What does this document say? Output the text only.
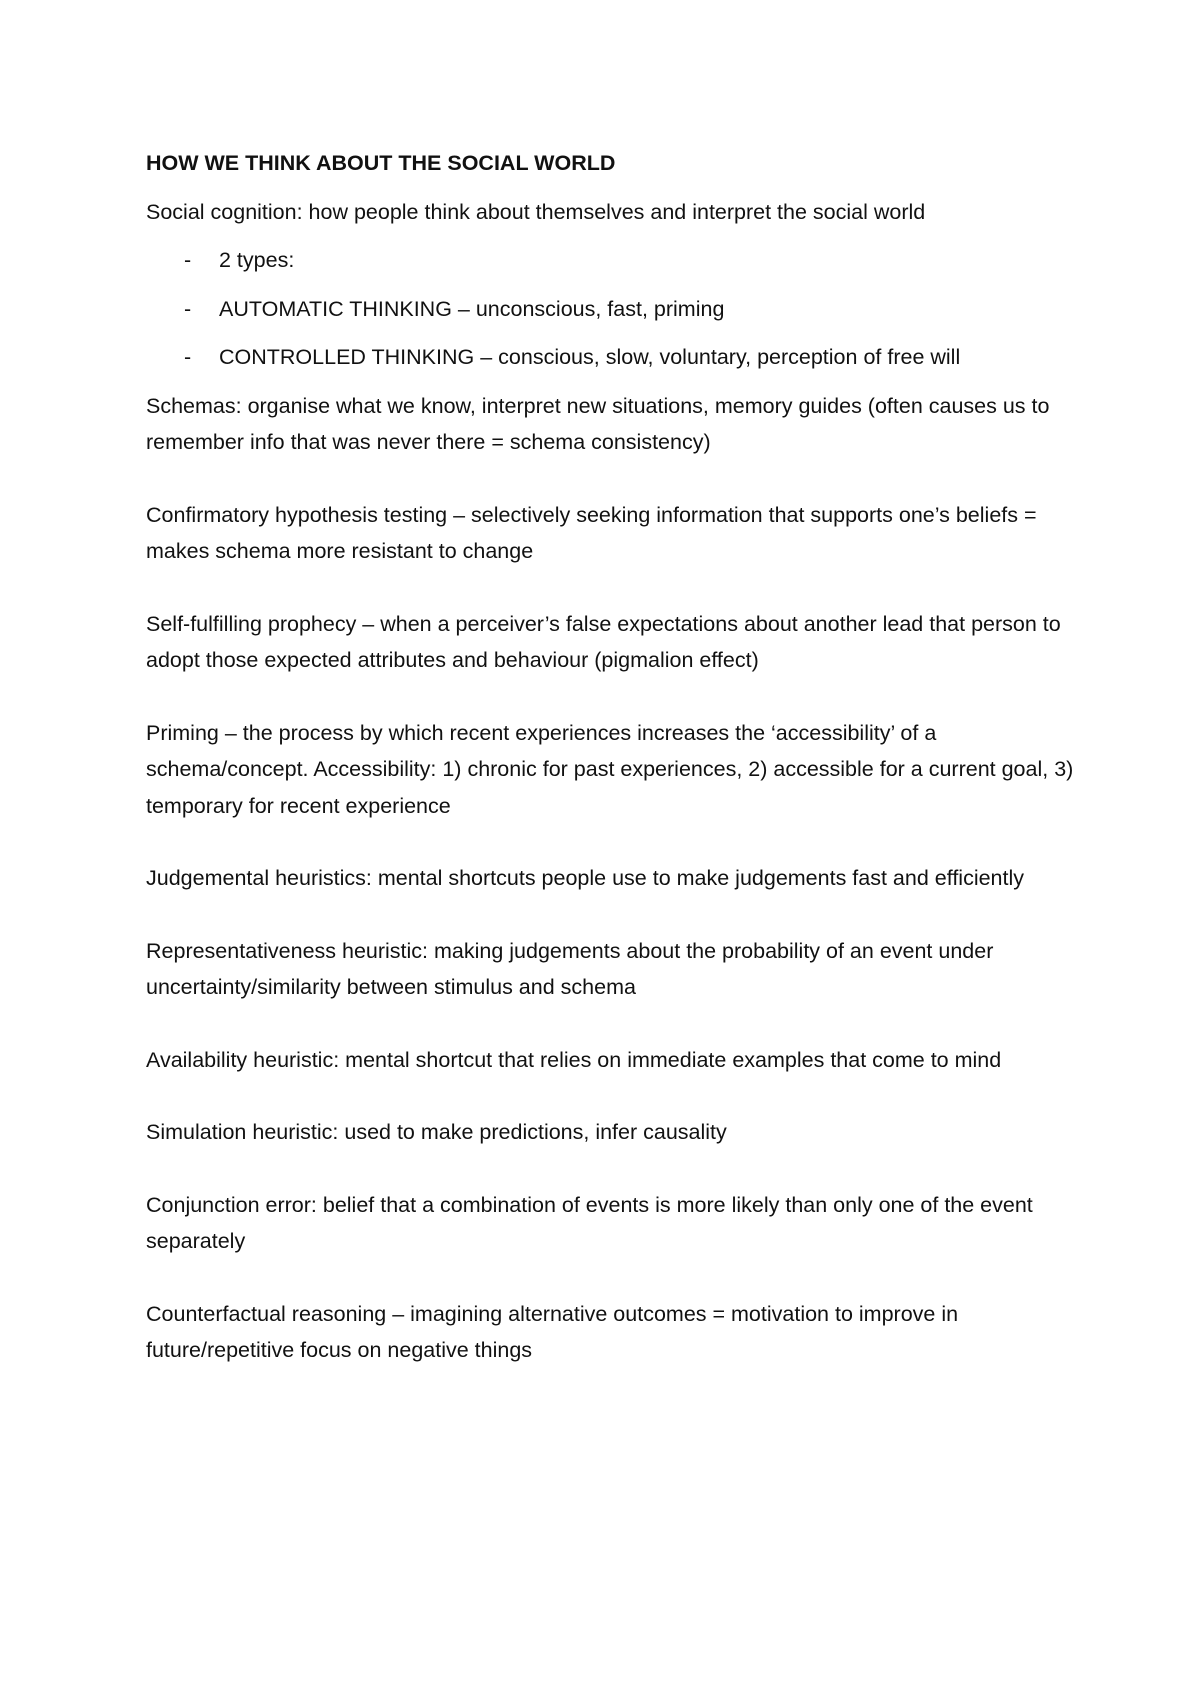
HOW WE THINK ABOUT THE SOCIAL WORLD
Social cognition: how people think about themselves and interpret the social world
- 2 types:
- AUTOMATIC THINKING – unconscious, fast, priming
- CONTROLLED THINKING – conscious, slow, voluntary, perception of free will
Schemas: organise what we know, interpret new situations, memory guides (often causes us to remember info that was never there = schema consistency)
Confirmatory hypothesis testing – selectively seeking information that supports one’s beliefs = makes schema more resistant to change
Self-fulfilling prophecy – when a perceiver’s false expectations about another lead that person to adopt those expected attributes and behaviour (pigmalion effect)
Priming – the process by which recent experiences increases the ‘accessibility’ of a schema/concept. Accessibility: 1) chronic for past experiences, 2) accessible for a current goal, 3) temporary for recent experience
Judgemental heuristics: mental shortcuts people use to make judgements fast and efficiently
Representativeness heuristic: making judgements about the probability of an event under uncertainty/similarity between stimulus and schema
Availability heuristic: mental shortcut that relies on immediate examples that come to mind
Simulation heuristic: used to make predictions, infer causality
Conjunction error: belief that a combination of events is more likely than only one of the event separately
Counterfactual reasoning – imagining alternative outcomes = motivation to improve in future/repetitive focus on negative things
